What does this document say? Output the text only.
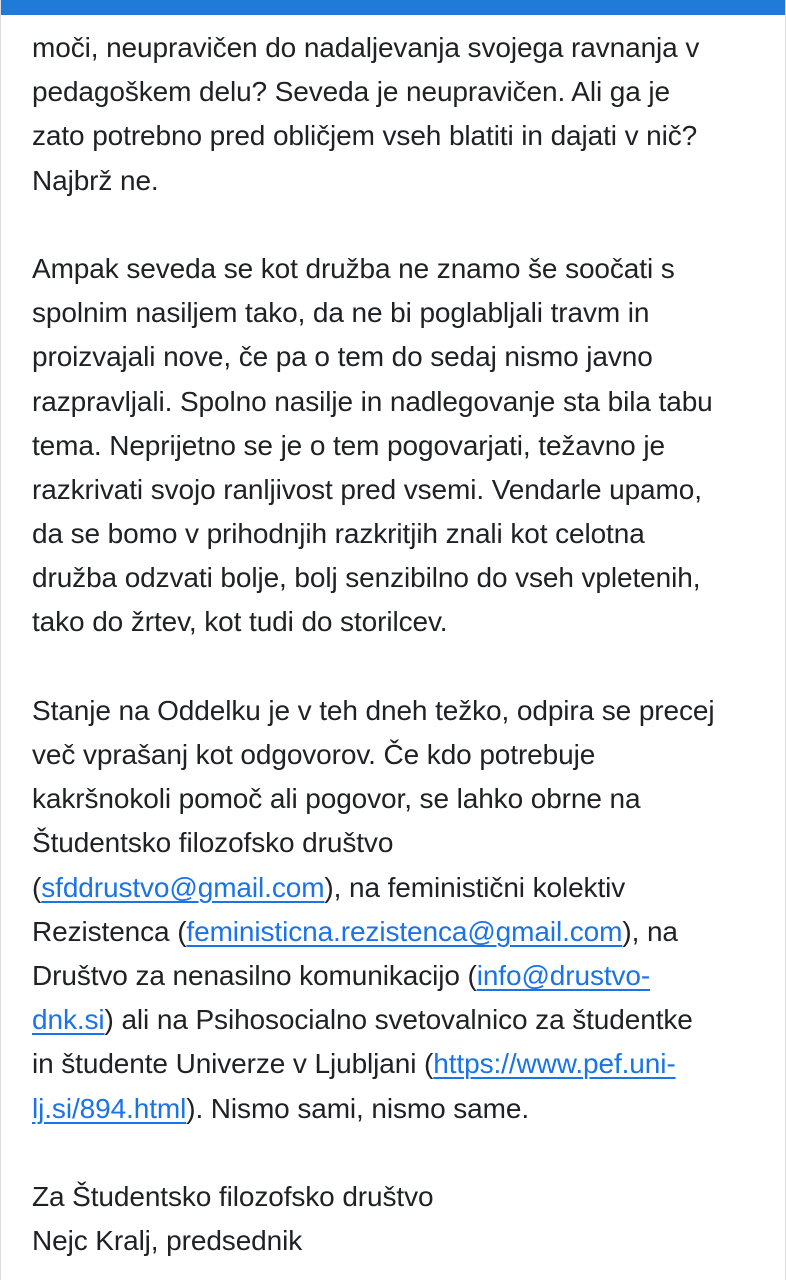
moči, neupravičen do nadaljevanja svojega ravnanja v
pedagoškem delu? Seveda je neupravičen. Ali ga je
zato potrebno pred obličjem vseh blatiti in dajati v nič?
Najbrž ne.

Ampak seveda se kot družba ne znamo še soočati s
spolnim nasiljem tako, da ne bi poglabljali travm in
proizvajali nove, če pa o tem do sedaj nismo javno
razpravljali. Spolno nasilje in nadlegovanje sta bila tabu
tema. Neprijetno se je o tem pogovarjati, težavno je
razkrivati svojo ranljivost pred vsemi. Vendarle upamo,
da se bomo v prihodnjih razkritjih znali kot celotna
družba odzvati bolje, bolj senzibilno do vseh vpletenih,
tako do žrtev, kot tudi do storilcev.

Stanje na Oddelku je v teh dneh težko, odpira se precej
več vprašanj kot odgovorov. Če kdo potrebuje
kakršnokoli pomoč ali pogovor, se lahko obrne na
Študentsko filozofsko društvo
(sfddrustvo@gmail.com), na feministični kolektiv
Rezistenca (feministicna.rezistenca@gmail.com), na
Društvo za nenasilno komunikacijo (info@drustvo-
dnk.si) ali na Psihosocialno svetovalnico za študentke
in študente Univerze v Ljubljani (https://www.pef.uni-
lj.si/894.html). Nismo sami, nismo same.

Za Študentsko filozofsko društvo
Nejc Kralj, predsednik
